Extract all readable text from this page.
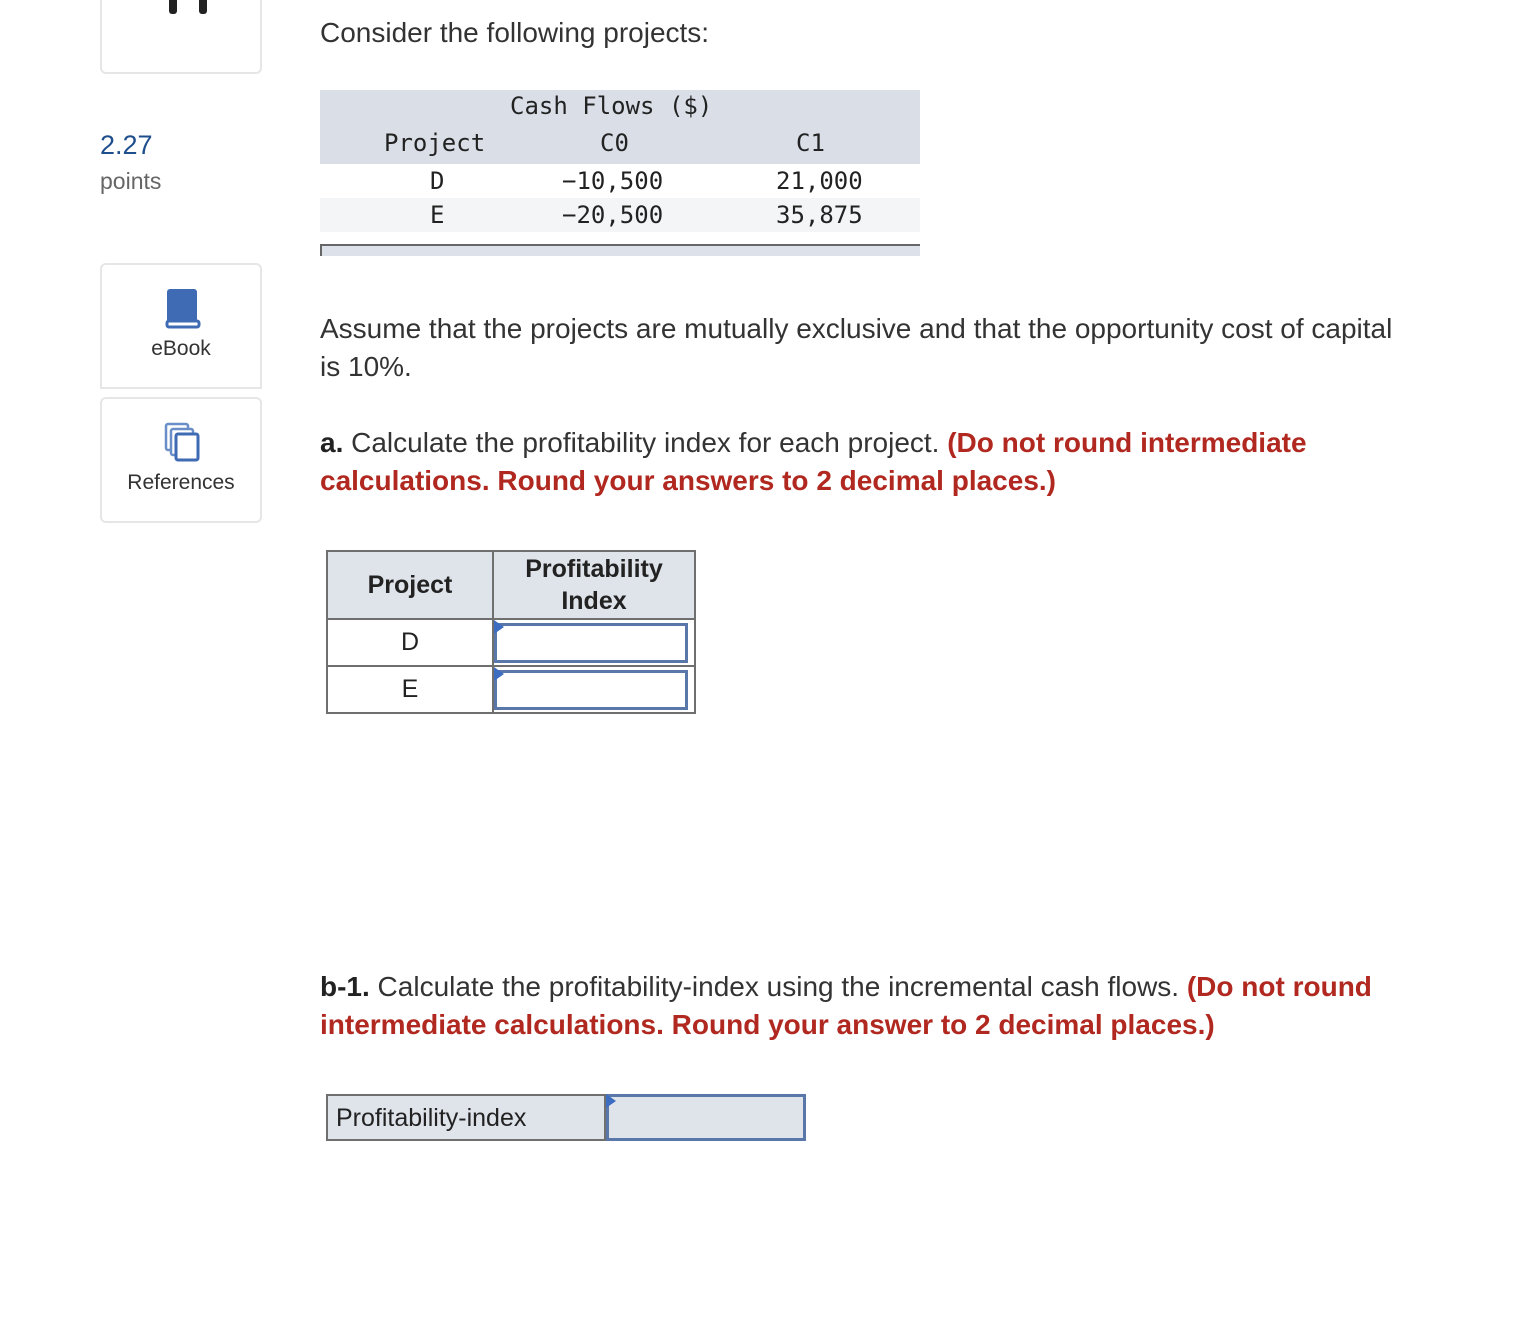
2.27
points
eBook
References
Consider the following projects:
Cash Flows ($)
Project	C0	C1
D	−10,500	21,000
E	−20,500	35,875
Assume that the projects are mutually exclusive and that the opportunity cost of capital is 10%.
a. Calculate the profitability index for each project. (Do not round intermediate calculations. Round your answers to 2 decimal places.)
Project	Profitability
Index
D	

E	
b-1. Calculate the profitability-index using the incremental cash flows. (Do not round intermediate calculations. Round your answer to 2 decimal places.)
Profitability-index
